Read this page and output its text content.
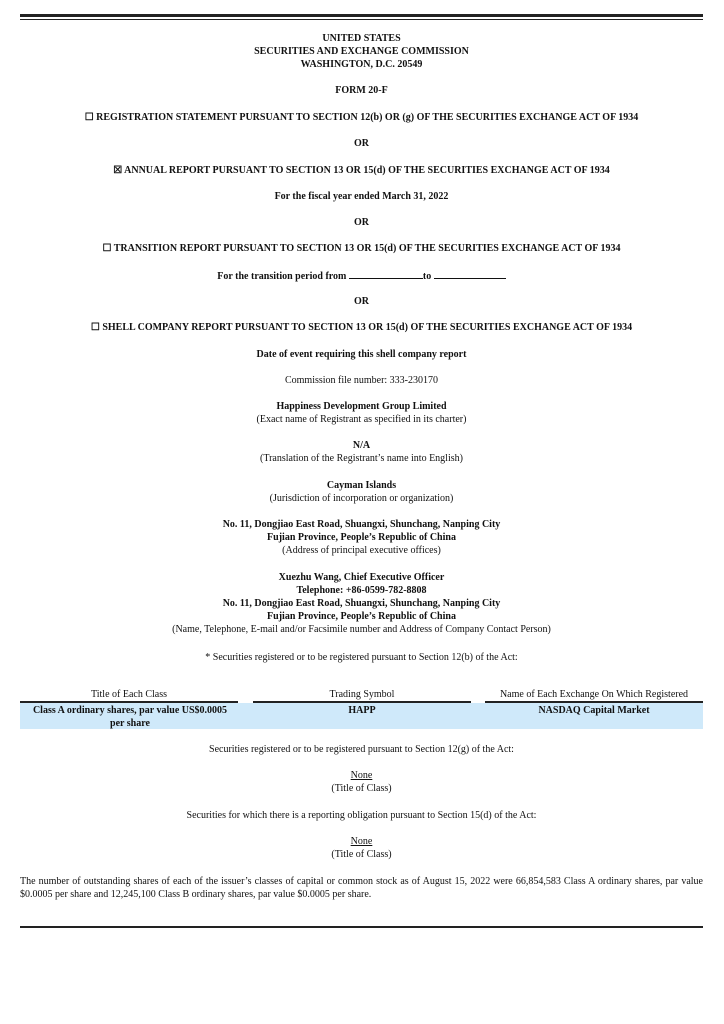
UNITED STATES
SECURITIES AND EXCHANGE COMMISSION
WASHINGTON, D.C. 20549
FORM 20-F
☐ REGISTRATION STATEMENT PURSUANT TO SECTION 12(b) OR (g) OF THE SECURITIES EXCHANGE ACT OF 1934
OR
☒ ANNUAL REPORT PURSUANT TO SECTION 13 OR 15(d) OF THE SECURITIES EXCHANGE ACT OF 1934
For the fiscal year ended March 31, 2022
OR
☐ TRANSITION REPORT PURSUANT TO SECTION 13 OR 15(d) OF THE SECURITIES EXCHANGE ACT OF 1934
For the transition period from	to
OR
☐ SHELL COMPANY REPORT PURSUANT TO SECTION 13 OR 15(d) OF THE SECURITIES EXCHANGE ACT OF 1934
Date of event requiring this shell company report
Commission file number: 333-230170
Happiness Development Group Limited
(Exact name of Registrant as specified in its charter)
N/A
(Translation of the Registrant’s name into English)
Cayman Islands
(Jurisdiction of incorporation or organization)
No. 11, Dongjiao East Road, Shuangxi, Shunchang, Nanping City
Fujian Province, People’s Republic of China
(Address of principal executive offices)
Xuezhu Wang, Chief Executive Officer
Telephone: +86-0599-782-8808
No. 11, Dongjiao East Road, Shuangxi, Shunchang, Nanping City
Fujian Province, People’s Republic of China
(Name, Telephone, E-mail and/or Facsimile number and Address of Company Contact Person)
* Securities registered or to be registered pursuant to Section 12(b) of the Act:
Title of Each Class	Trading Symbol	Name of Each Exchange On Which Registered
Class A ordinary shares, par value US$0.0005
per share
HAPP	NASDAQ Capital Market
Securities registered or to be registered pursuant to Section 12(g) of the Act:
None
(Title of Class)
Securities for which there is a reporting obligation pursuant to Section 15(d) of the Act:
None
(Title of Class)
The number of outstanding shares of each of the issuer’s classes of capital or common stock as of August 15, 2022 were 66,854,583 Class A ordinary shares, par value $0.0005 per share and 12,245,100 Class B ordinary shares, par value $0.0005 per share.
